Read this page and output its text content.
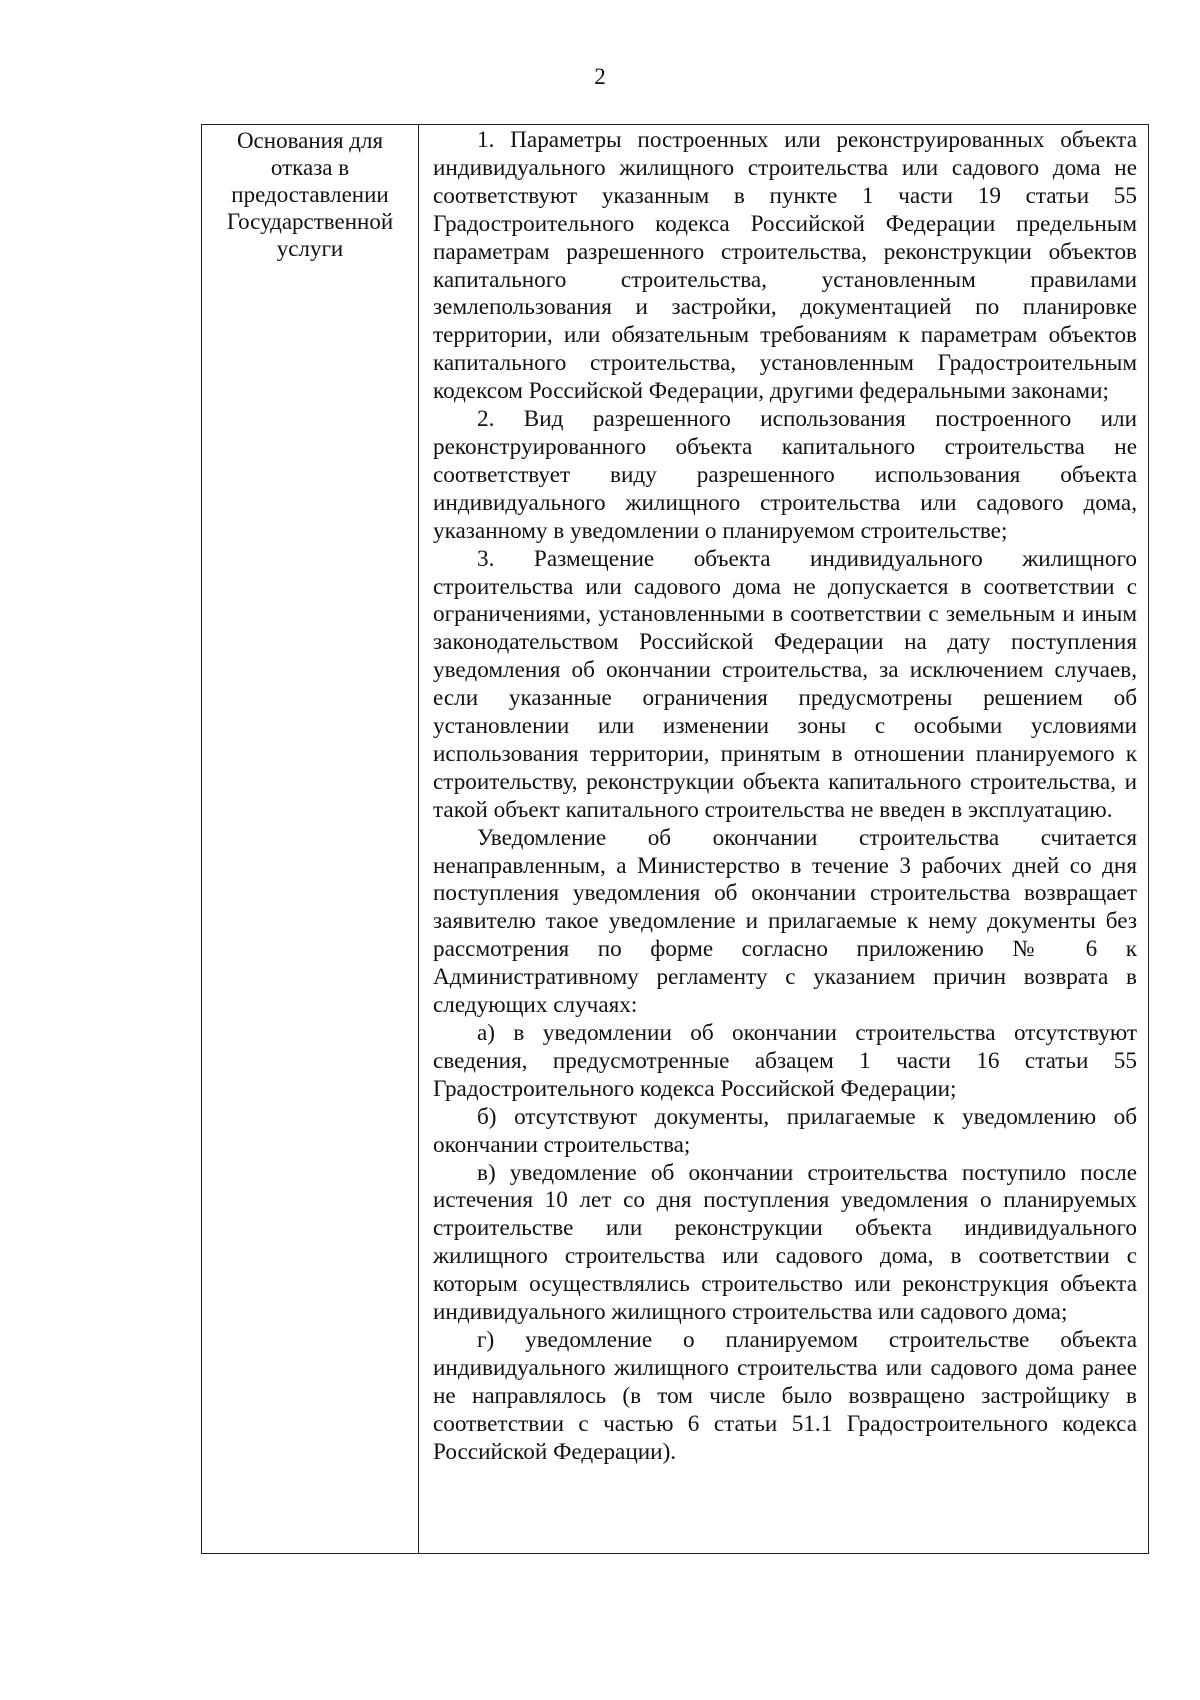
2
Основания для
отказа в
предоставлении
Государственной
услуги

1. Параметры построенных или реконструированных объекта индивидуального жилищного строительства или садового дома не соответствуют указанным в пункте 1 части 19 статьи 55 Градостроительного кодекса Российской Федерации предельным параметрам разрешенного строительства, реконструкции объектов капитального строительства, установленным правилами землепользования и застройки, документацией по планировке территории, или обязательным требованиям к параметрам объектов капитального строительства, установленным Градостроительным кодексом Российской Федерации, другими федеральными законами;

2. Вид разрешенного использования построенного или реконструированного объекта капитального строительства не соответствует виду разрешенного использования объекта индивидуального жилищного строительства или садового дома, указанному в уведомлении о планируемом строительстве;

3. Размещение объекта индивидуального жилищного строительства или садового дома не допускается в соответствии с ограничениями, установленными в соответствии с земельным и иным законодательством Российской Федерации на дату поступления уведомления об окончании строительства, за исключением случаев, если указанные ограничения предусмотрены решением об установлении или изменении зоны с особыми условиями использования территории, принятым в отношении планируемого к строительству, реконструкции объекта капитального строительства, и такой объект капитального строительства не введен в эксплуатацию.

Уведомление об окончании строительства считается ненаправленным, а Министерство в течение 3 рабочих дней со дня поступления уведомления об окончании строительства возвращает заявителю такое уведомление и прилагаемые к нему документы без рассмотрения по форме согласно приложению № 6 к Административному регламенту с указанием причин возврата в следующих случаях:

а) в уведомлении об окончании строительства отсутствуют сведения, предусмотренные абзацем 1 части 16 статьи 55 Градостроительного кодекса Российской Федерации;

б) отсутствуют документы, прилагаемые к уведомлению об окончании строительства;

в) уведомление об окончании строительства поступило после истечения 10 лет со дня поступления уведомления о планируемых строительстве или реконструкции объекта индивидуального жилищного строительства или садового дома, в соответствии с которым осуществлялись строительство или реконструкция объекта индивидуального жилищного строительства или садового дома;

г) уведомление о планируемом строительстве объекта индивидуального жилищного строительства или садового дома ранее не направлялось (в том числе было возвращено застройщику в соответствии с частью 6 статьи 51.1 Градостроительного кодекса Российской Федерации).
